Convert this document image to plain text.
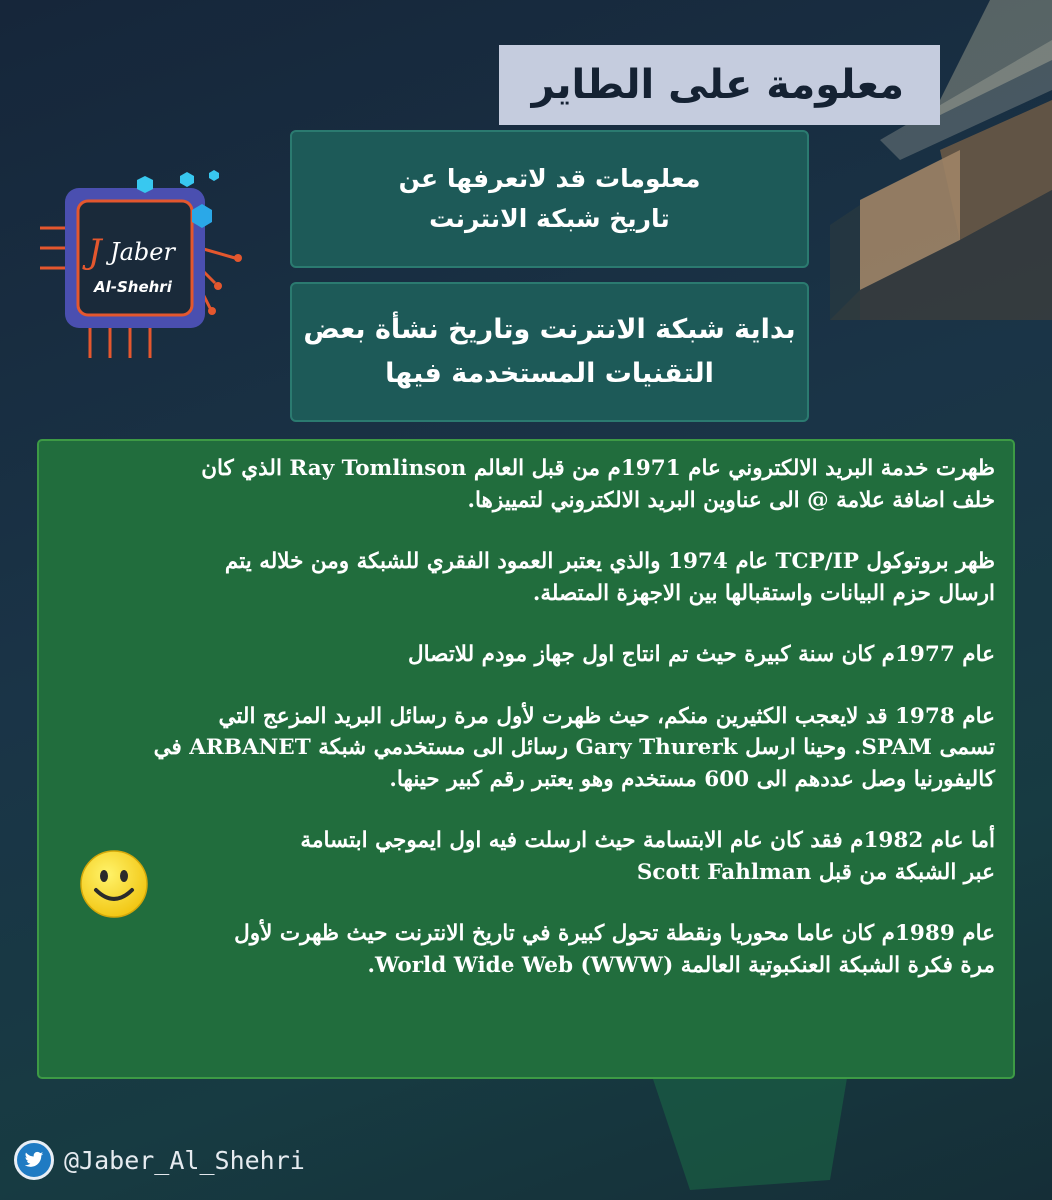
معلومة على الطاير
J Jaber
Al-Shehri
معلومات قد لاتعرفها عن
تاريخ شبكة الانترنت
بداية شبكة الانترنت وتاريخ نشأة بعض
التقنيات المستخدمة فيها

ظهرت خدمة البريد الالكتروني عام 1971م من قبل العالم Ray Tomlinson الذي كان
خلف اضافة علامة @ الى عناوين البريد الالكتروني لتمييزها.

ظهر بروتوكول TCP/IP عام 1974 والذي يعتبر العمود الفقري للشبكة ومن خلاله يتم
ارسال حزم البيانات واستقبالها بين الاجهزة المتصلة.

عام 1977م كان سنة كبيرة حيث تم انتاج اول جهاز مودم للاتصال

عام 1978 قد لايعجب الكثيرين منكم، حيث ظهرت لأول مرة رسائل البريد المزعج التي
تسمى SPAM. وحينا ارسل Gary Thurerk رسائل الى مستخدمي شبكة ARBANET في
كاليفورنيا وصل عددهم الى 600 مستخدم وهو يعتبر رقم كبير حينها.

أما عام 1982م فقد كان عام الابتسامة حيث ارسلت فيه اول ايموجي ابتسامة
عبر الشبكة من قبل Scott Fahlman

عام 1989م كان عاما محوريا ونقطة تحول كبيرة في تاريخ الانترنت حيث ظهرت لأول
مرة فكرة الشبكة العنكبوتية العالمة (World Wide Web (WWW.

@Jaber_Al_Shehri
